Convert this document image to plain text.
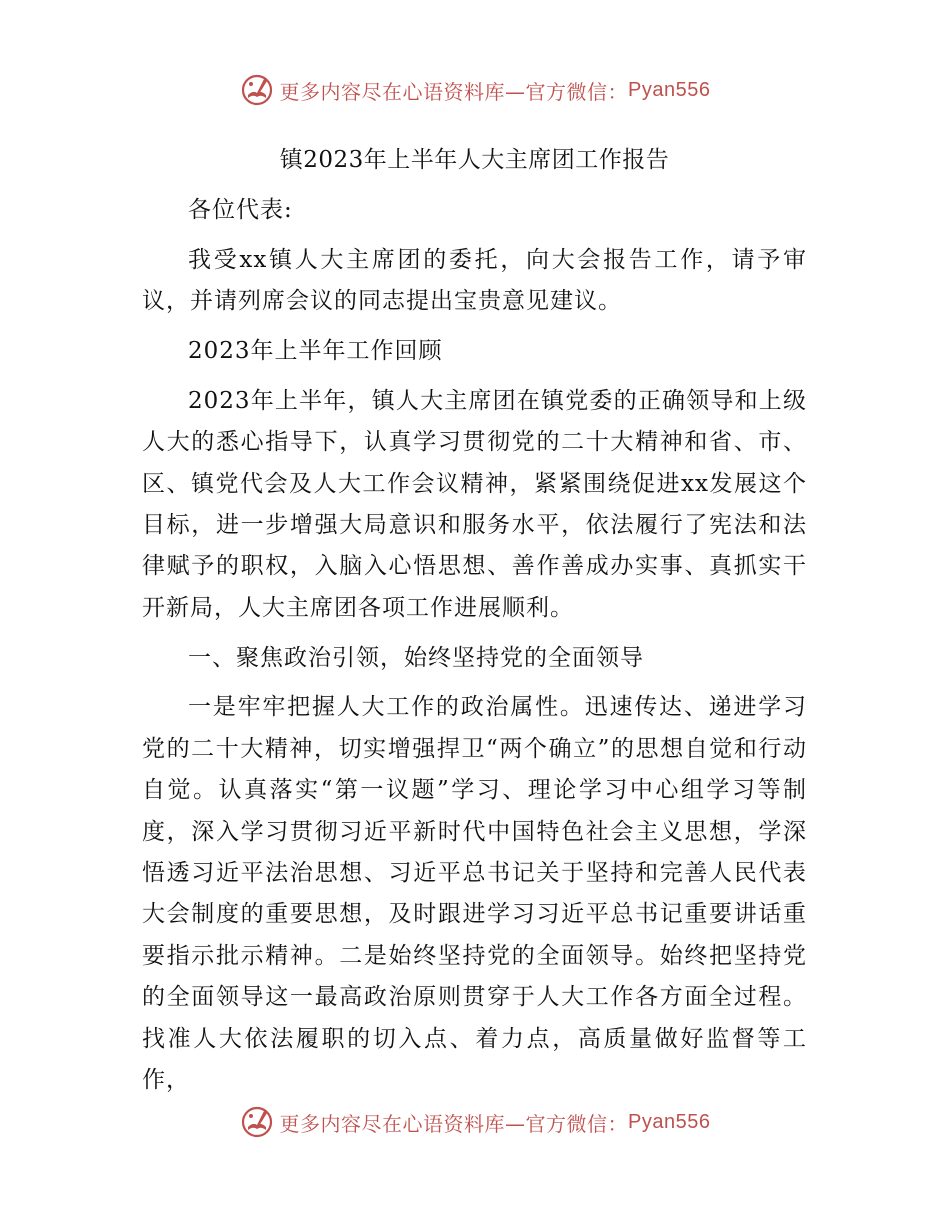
更多内容尽在心语资料库—官方微信： Pyan556
镇2023年上半年人大主席团工作报告

各位代表:

我受xx镇人大主席团的委托，向大会报告工作，请予审议，并请列席会议的同志提出宝贵意见建议。

2023年上半年工作回顾

2023年上半年，镇人大主席团在镇党委的正确领导和上级人大的悉心指导下，认真学习贯彻党的二十大精神和省、市、区、镇党代会及人大工作会议精神，紧紧围绕促进xx发展这个目标，进一步增强大局意识和服务水平，依法履行了宪法和法律赋予的职权，入脑入心悟思想、善作善成办实事、真抓实干开新局，人大主席团各项工作进展顺利。

一、聚焦政治引领，始终坚持党的全面领导

一是牢牢把握人大工作的政治属性。迅速传达、递进学习党的二十大精神，切实增强捍卫“两个确立”的思想自觉和行动自觉。认真落实“第一议题”学习、理论学习中心组学习等制度，深入学习贯彻习近平新时代中国特色社会主义思想，学深悟透习近平法治思想、习近平总书记关于坚持和完善人民代表大会制度的重要思想，及时跟进学习习近平总书记重要讲话重要指示批示精神。二是始终坚持党的全面领导。始终把坚持党的全面领导这一最高政治原则贯穿于人大工作各方面全过程。找准人大依法履职的切入点、着力点，高质量做好监督等工作，

更多内容尽在心语资料库—官方微信： Pyan556
